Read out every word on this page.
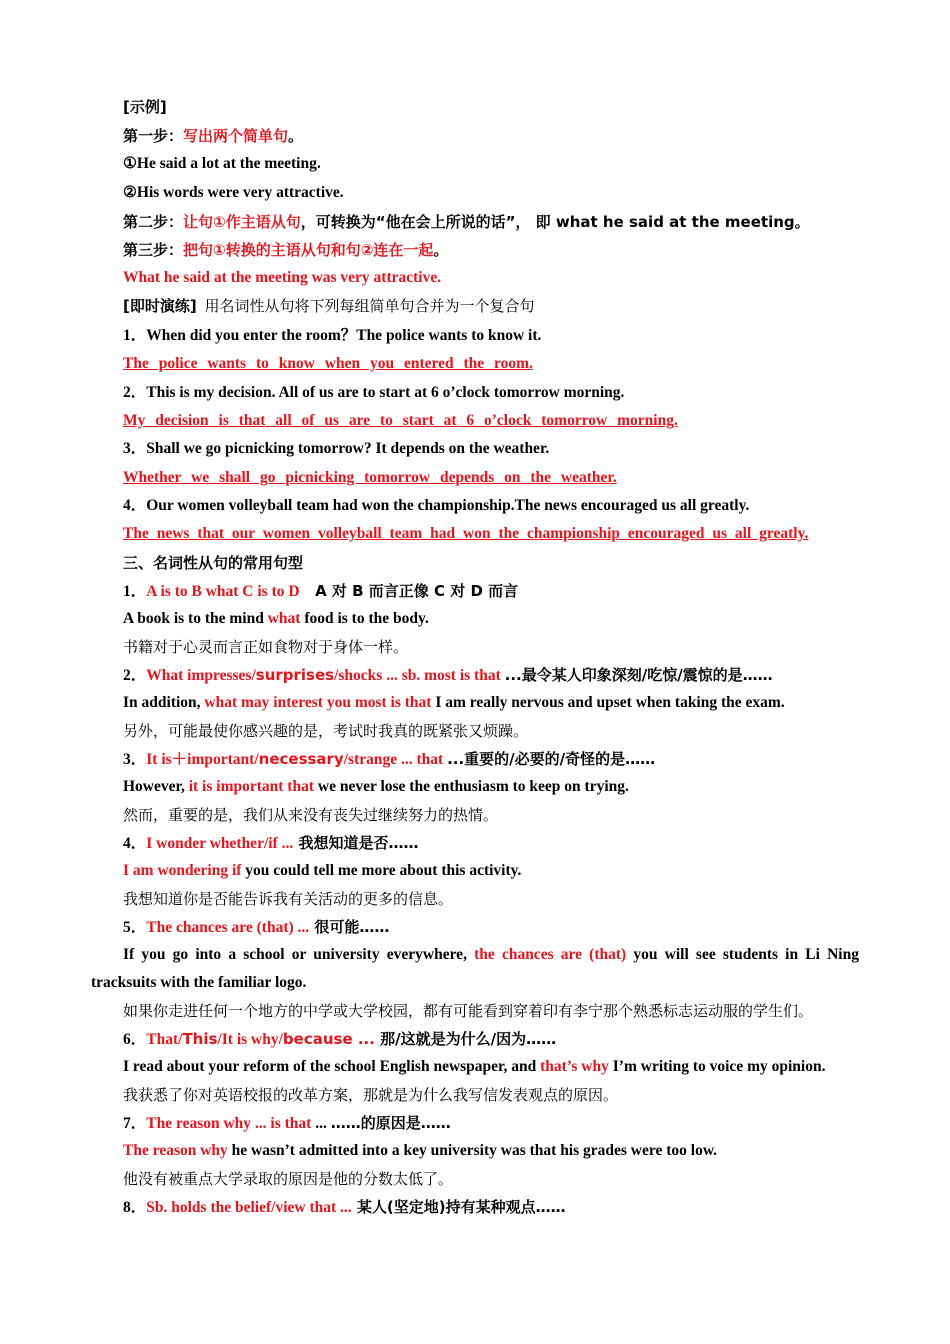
[示例]
第一步：写出两个简单句。
①He said a lot at the meeting.
②His words were very attractive.
第二步：让句①作主语从句，可转换为“他在会上所说的话”， 即 what he said at the meeting。
第三步：把句①转换的主语从句和句②连在一起。
What he said at the meeting was very attractive.
[即时演练] 用名词性从句将下列每组简单句合并为一个复合句
1．When did you enter the room？The police wants to know it.
The police wants to know when you entered the room.
2．This is my decision. All of us are to start at 6 o’clock tomorrow morning.
My decision is that all of us are to start at 6 o’clock tomorrow morning.
3．Shall we go picnicking tomorrow? It depends on the weather.
Whether we shall go picnicking tomorrow depends on the weather.
4．Our women volleyball team had won the championship.The news encouraged us all greatly.
The news that our women volleyball team had won the championship encouraged us all greatly.
三、名词性从句的常用句型
1．A is to B what C is to D A 对 B 而言正像 C 对 D 而言
A book is to the mind what food is to the body.
书籍对于心灵而言正如食物对于身体一样。
2．What impresses/surprises/shocks ... sb. most is that ...最令某人印象深刻/吃惊/震惊的是……
In addition, what may interest you most is that I am really nervous and upset when taking the exam.
另外，可能最使你感兴趣的是，考试时我真的既紧张又烦躁。
3．It is＋important/necessary/strange ... that ...重要的/必要的/奇怪的是……
However, it is important that we never lose the enthusiasm to keep on trying.
然而，重要的是，我们从来没有丧失过继续努力的热情。
4．I wonder whether/if ... 我想知道是否……
I am wondering if you could tell me more about this activity.
我想知道你是否能告诉我有关活动的更多的信息。
5．The chances are (that) ... 很可能……
If you go into a school or university everywhere, the chances are (that) you will see students in Li Ning
tracksuits with the familiar logo.
如果你走进任何一个地方的中学或大学校园，都有可能看到穿着印有李宁那个熟悉标志运动服的学生们。
6．That/This/It is why/because ... 那/这就是为什么/因为……
I read about your reform of the school English newspaper, and that’s why I’m writing to voice my opinion.
我获悉了你对英语校报的改革方案，那就是为什么我写信发表观点的原因。
7．The reason why ... is that ... ……的原因是……
The reason why he wasn’t admitted into a key university was that his grades were too low.
他没有被重点大学录取的原因是他的分数太低了。
8．Sb. holds the belief/view that ... 某人(坚定地)持有某种观点……
